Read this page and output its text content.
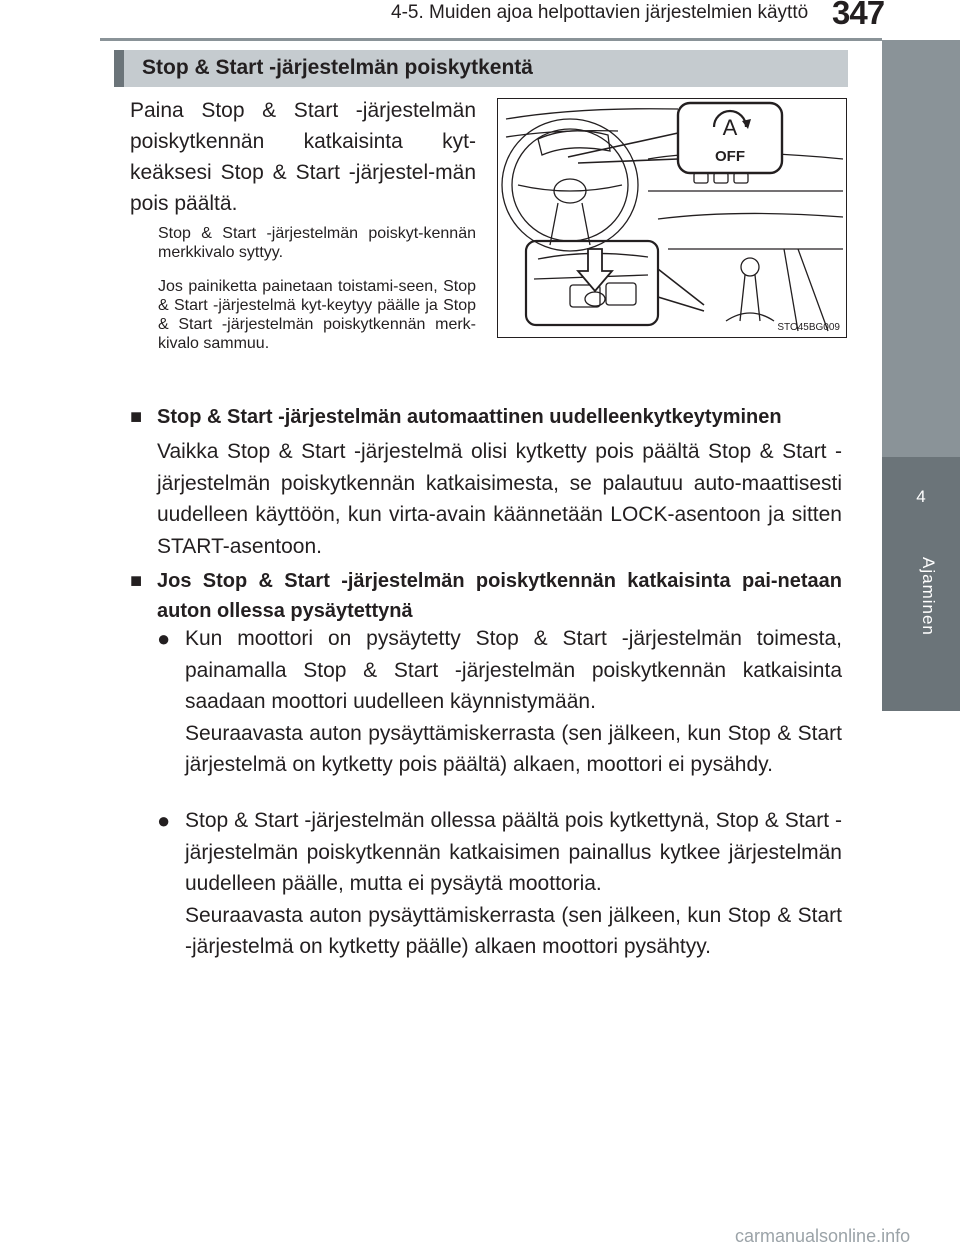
4-5. Muiden ajoa helpottavien järjestelmien käyttö 347
4
Ajaminen
Stop & Start -järjestelmän poiskytkentä
Paina Stop & Start -järjestelmän poiskytkennän katkaisinta kyt-keäksesi Stop & Start -järjestel-män pois päältä.
Stop & Start -järjestelmän poiskyt-kennän merkkivalo syttyy.
Jos painiketta painetaan toistami-seen, Stop & Start -järjestelmä kyt-keytyy päälle ja Stop & Start -järjestelmän poiskytkennän merk-kivalo sammuu.
A
OFF
STO45BG009
■ Stop & Start -järjestelmän automaattinen uudelleenkytkeytyminen
Vaikka Stop & Start -järjestelmä olisi kytketty pois päältä Stop & Start -järjestelmän poiskytkennän katkaisimesta, se palautuu auto-maattisesti uudelleen käyttöön, kun virta-avain käännetään LOCK-asentoon ja sitten START-asentoon.
■ Jos Stop & Start -järjestelmän poiskytkennän katkaisinta pai-netaan auton ollessa pysäytettynä
● Kun moottori on pysäytetty Stop & Start -järjestelmän toimesta, painamalla Stop & Start -järjestelmän poiskytkennän katkaisinta saadaan moottori uudelleen käynnistymään.
Seuraavasta auton pysäyttämiskerrasta (sen jälkeen, kun Stop & Start järjestelmä on kytketty pois päältä) alkaen, moottori ei pysähdy.
● Stop & Start -järjestelmän ollessa päältä pois kytkettynä, Stop & Start -järjestelmän poiskytkennän katkaisimen painallus kytkee järjestelmän uudelleen päälle, mutta ei pysäytä moottoria.
Seuraavasta auton pysäyttämiskerrasta (sen jälkeen, kun Stop & Start -järjestelmä on kytketty päälle) alkaen moottori pysähtyy.
carmanualsonline.info
